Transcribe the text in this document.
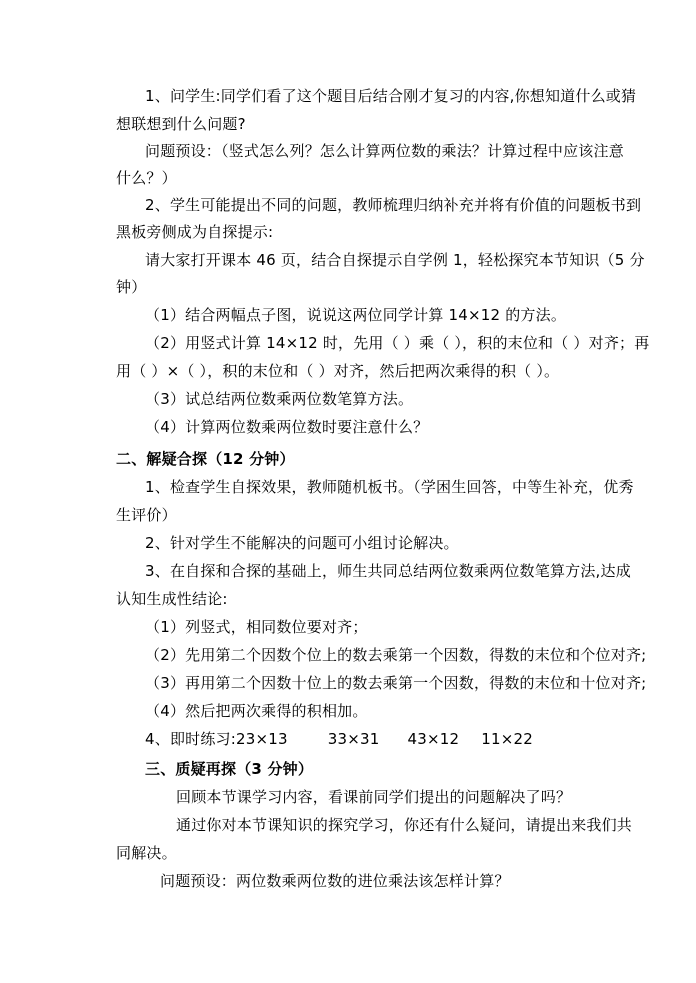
1、问学生:同学们看了这个题目后结合刚才复习的内容,你想知道什么或猜
想联想到什么问题?
问题预设：（竖式怎么列？怎么计算两位数的乘法？计算过程中应该注意
什么？）
2、学生可能提出不同的问题，教师梳理归纳补充并将有价值的问题板书到
黑板旁侧成为自探提示:
请大家打开课本 46 页，结合自探提示自学例 1，轻松探究本节知识（5 分
钟）
（1）结合两幅点子图，说说这两位同学计算 14×12 的方法。
（2）用竖式计算 14×12 时，先用（ ）乘（ ），积的末位和（ ）对齐；再
用（ ）×（ ），积的末位和（ ）对齐，然后把两次乘得的积（ ）。
（3）试总结两位数乘两位数笔算方法。
（4）计算两位数乘两位数时要注意什么？
二、解疑合探（12 分钟）
1、检查学生自探效果，教师随机板书。（学困生回答，中等生补充，优秀
生评价）
2、针对学生不能解决的问题可小组讨论解决。
3、在自探和合探的基础上，师生共同总结两位数乘两位数笔算方法,达成
认知生成性结论:
（1）列竖式，相同数位要对齐；
（2）先用第二个因数个位上的数去乘第一个因数，得数的末位和个位对齐;
（3）再用第二个因数十位上的数去乘第一个因数，得数的末位和十位对齐;
（4）然后把两次乘得的积相加。
4、即时练习:23×13	33×31 43×12 11×22
三、质疑再探（3 分钟）
回顾本节课学习内容，看课前同学们提出的问题解决了吗？
通过你对本节课知识的探究学习，你还有什么疑问，请提出来我们共
同解决。
问题预设：两位数乘两位数的进位乘法该怎样计算？
